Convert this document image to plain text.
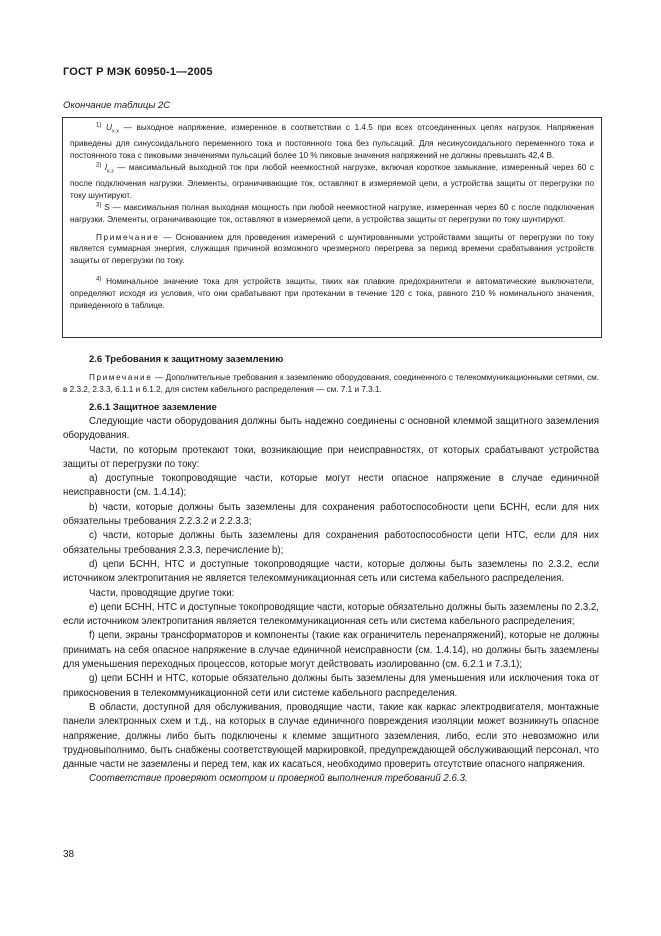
ГОСТ Р МЭК 60950-1—2005
Окончание таблицы 2С

$^{1)}$ $U_{х.х}$ — выходное напряжение, измеренное в соответствии с 1.4.5 при всех отсоединенных цепях нагрузок. Напряжения приведены для синусоидального переменного тока и постоянного тока без пульсаций. Для несинусоидального переменного тока и постоянного тока с пиковыми значениями пульсаций более 10 % пиковые значения напряжений не должны превышать 42,4 В.

$^{2)}$ $I_{к.з}$ — максимальный выходной ток при любой неемкостной нагрузке, включая короткое замыкание, измеренный через 60 с после подключения нагрузки. Элементы, ограничивающие ток, оставляют в измеряемой цепи, а устройства защиты от перегрузки по току шунтируют.

$^{3)}$ S — максимальная полная выходная мощность при любой неемкостной нагрузке, измеренная через 60 с после подключения нагрузки. Элементы, ограничивающие ток, оставляют в измеряемой цепи, а устройства защиты от перегрузки по току шунтируют.

Примечание — Основанием для проведения измерений с шунтированными устройствами защиты от перегрузки по току является суммарная энергия, служащая причиной возможного чрезмерного перегрева за период времени срабатывания устройств защиты от перегрузки по току.

$^{4)}$ Номинальное значение тока для устройств защиты, таких как плавкие предохранители и автоматические выключатели, определяют исходя из условия, что они срабатывают при протекании в течение 120 с тока, равного 210 % номинального значения, приведенного в таблице.

2.6 Требования к защитному заземлению

Примечание — Дополнительные требования к заземлению оборудования, соединенного с телекоммуникационными сетями, см. в 2.3.2, 2.3.3, 6.1.1 и 6.1.2, для систем кабельного распределения — см. 7.1 и 7.3.1.

2.6.1 Защитное заземление

Следующие части оборудования должны быть надежно соединены с основной клеммой защитного заземления оборудования.

Части, по которым протекают токи, возникающие при неисправностях, от которых срабатывают устройства защиты от перегрузки по току:

а) доступные токопроводящие части, которые могут нести опасное напряжение в случае единичной неисправности (см. 1.4.14);

b) части, которые должны быть заземлены для сохранения работоспособности цепи БСНН, если для них обязательны требования 2.2.3.2 и 2.2.3.3;

с) части, которые должны быть заземлены для сохранения работоспособности цепи НТС, если для них обязательны требования 2.3.3, перечисление b);

d) цепи БСНН, НТС и доступные токопроводящие части, которые должны быть заземлены по 2.3.2, если источником электропитания не является телекоммуникационная сеть или система кабельного распределения.

Части, проводящие другие токи:

е) цепи БСНН, НТС и доступные токопроводящие части, которые обязательно должны быть заземлены по 2.3.2, если источником электропитания является телекоммуникационная сеть или система кабельного распределения;

f) цепи, экраны трансформаторов и компоненты (такие как ограничитель перенапряжений), которые не должны принимать на себя опасное напряжение в случае единичной неисправности (см. 1.4.14), но должны быть заземлены для уменьшения переходных процессов, которые могут действовать изолированно (см. 6.2.1 и 7.3.1);

g) цепи БСНН и НТС, которые обязательно должны быть заземлены для уменьшения или исключения тока от прикосновения в телекоммуникационной сети или системе кабельного распределения.

В области, доступной для обслуживания, проводящие части, такие как каркас электродвигателя, монтажные панели электронных схем и т.д., на которых в случае единичного повреждения изоляции может возникнуть опасное напряжение, должны либо быть подключены к клемме защитного заземления, либо, если это невозможно или трудновыполнимо, быть снабжены соответствующей маркировкой, предупреждающей обслуживающий персонал, что данные части не заземлены и перед тем, как их касаться, необходимо проверить отсутствие опасного напряжения.

Соответствие проверяют осмотром и проверкой выполнения требований 2.6.3.

38
